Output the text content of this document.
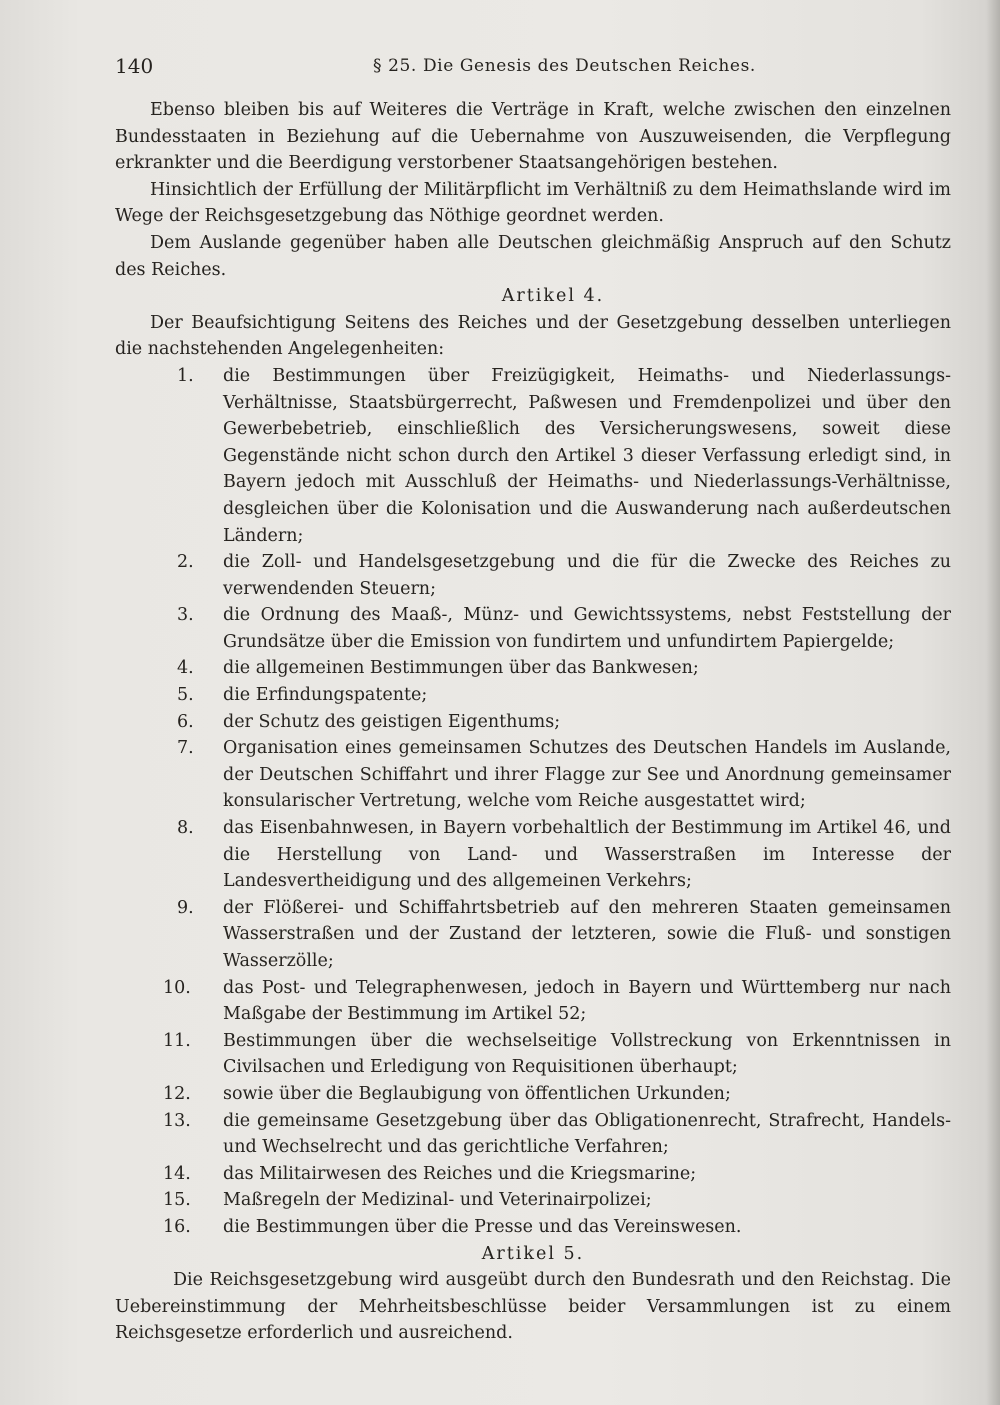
140	§ 25. Die Genesis des Deutschen Reiches.

Ebenso bleiben bis auf Weiteres die Verträge in Kraft, welche zwischen den einzelnen Bundesstaaten in Beziehung auf die Uebernahme von Auszuweisenden, die Verpflegung erkrankter und die Beerdigung verstorbener Staatsangehörigen bestehen.

Hinsichtlich der Erfüllung der Militärpflicht im Verhältniß zu dem Heimathslande wird im Wege der Reichsgesetzgebung das Nöthige geordnet werden.

Dem Auslande gegenüber haben alle Deutschen gleichmäßig Anspruch auf den Schutz des Reiches.

Artikel 4.

Der Beaufsichtigung Seitens des Reiches und der Gesetzgebung desselben unterliegen die nachstehenden Angelegenheiten:

1.	die Bestimmungen über Freizügigkeit, Heimaths- und Niederlassungs-Verhältnisse, Staatsbürgerrecht, Paßwesen und Fremdenpolizei und über den Gewerbebetrieb, einschließlich des Versicherungswesens, soweit diese Gegenstände nicht schon durch den Artikel 3 dieser Verfassung erledigt sind, in Bayern jedoch mit Ausschluß der Heimaths- und Niederlassungs-Verhältnisse, desgleichen über die Kolonisation und die Auswanderung nach außerdeutschen Ländern;
2.	die Zoll- und Handelsgesetzgebung und die für die Zwecke des Reiches zu verwendenden Steuern;
3.	die Ordnung des Maaß-, Münz- und Gewichtssystems, nebst Feststellung der Grundsätze über die Emission von fundirtem und unfundirtem Papiergelde;
4.	die allgemeinen Bestimmungen über das Bankwesen;
5.	die Erfindungspatente;
6.	der Schutz des geistigen Eigenthums;
7.	Organisation eines gemeinsamen Schutzes des Deutschen Handels im Auslande, der Deutschen Schiffahrt und ihrer Flagge zur See und Anordnung gemeinsamer konsularischer Vertretung, welche vom Reiche ausgestattet wird;
8.	das Eisenbahnwesen, in Bayern vorbehaltlich der Bestimmung im Artikel 46, und die Herstellung von Land- und Wasserstraßen im Interesse der Landesvertheidigung und des allgemeinen Verkehrs;
9.	der Flößerei- und Schiffahrtsbetrieb auf den mehreren Staaten gemeinsamen Wasserstraßen und der Zustand der letzteren, sowie die Fluß- und sonstigen Wasserzölle;
10.	das Post- und Telegraphenwesen, jedoch in Bayern und Württemberg nur nach Maßgabe der Bestimmung im Artikel 52;
11.	Bestimmungen über die wechselseitige Vollstreckung von Erkenntnissen in Civilsachen und Erledigung von Requisitionen überhaupt;
12.	sowie über die Beglaubigung von öffentlichen Urkunden;
13.	die gemeinsame Gesetzgebung über das Obligationenrecht, Strafrecht, Handels- und Wechselrecht und das gerichtliche Verfahren;
14.	das Militairwesen des Reiches und die Kriegsmarine;
15.	Maßregeln der Medizinal- und Veterinairpolizei;
16.	die Bestimmungen über die Presse und das Vereinswesen.

Artikel 5.

Die Reichsgesetzgebung wird ausgeübt durch den Bundesrath und den Reichstag. Die Uebereinstimmung der Mehrheitsbeschlüsse beider Versammlungen ist zu einem Reichsgesetze erforderlich und ausreichend.
